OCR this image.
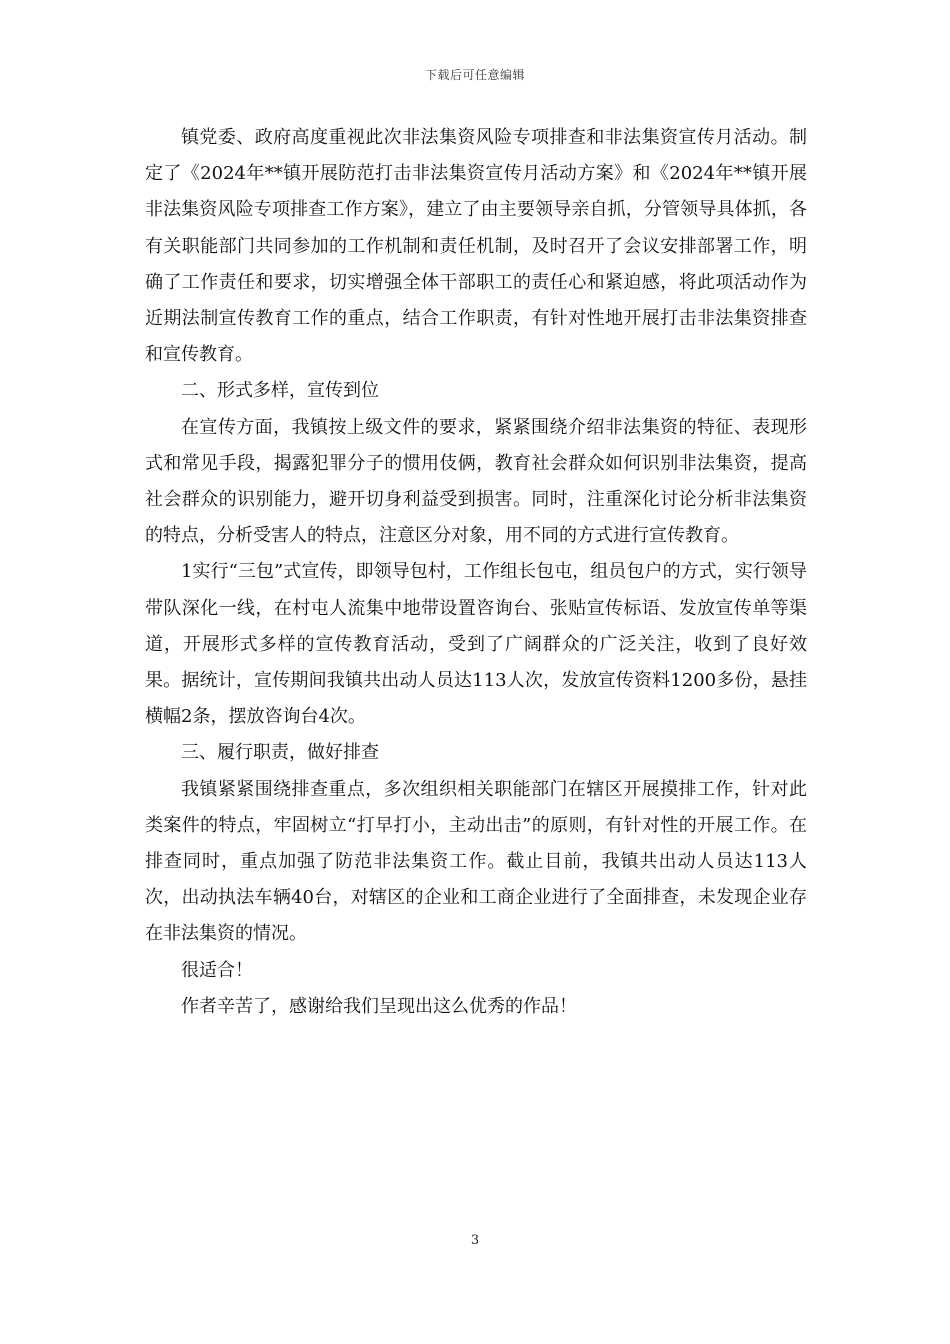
下载后可任意编辑

镇党委、政府高度重视此次非法集资风险专项排查和非法集资宣传月活动。制定了《2024年**镇开展防范打击非法集资宣传月活动方案》和《2024年**镇开展非法集资风险专项排查工作方案》，建立了由主要领导亲自抓，分管领导具体抓，各有关职能部门共同参加的工作机制和责任机制，及时召开了会议安排部署工作，明确了工作责任和要求，切实增强全体干部职工的责任心和紧迫感，将此项活动作为近期法制宣传教育工作的重点，结合工作职责，有针对性地开展打击非法集资排查和宣传教育。

二、形式多样，宣传到位

在宣传方面，我镇按上级文件的要求，紧紧围绕介绍非法集资的特征、表现形式和常见手段，揭露犯罪分子的惯用伎俩，教育社会群众如何识别非法集资，提高社会群众的识别能力，避开切身利益受到损害。同时，注重深化讨论分析非法集资的特点，分析受害人的特点，注意区分对象，用不同的方式进行宣传教育。

1实行“三包”式宣传，即领导包村，工作组长包屯，组员包户的方式，实行领导带队深化一线，在村屯人流集中地带设置咨询台、张贴宣传标语、发放宣传单等渠道，开展形式多样的宣传教育活动，受到了广阔群众的广泛关注，收到了良好效果。据统计，宣传期间我镇共出动人员达113人次，发放宣传资料1200多份，悬挂横幅2条，摆放咨询台4次。

三、履行职责，做好排查

我镇紧紧围绕排查重点，多次组织相关职能部门在辖区开展摸排工作，针对此类案件的特点，牢固树立“打早打小，主动出击”的原则，有针对性的开展工作。在排查同时，重点加强了防范非法集资工作。截止目前，我镇共出动人员达113人次，出动执法车辆40台，对辖区的企业和工商企业进行了全面排查，未发现企业存在非法集资的情况。

很适合！

作者辛苦了，感谢给我们呈现出这么优秀的作品！

3
